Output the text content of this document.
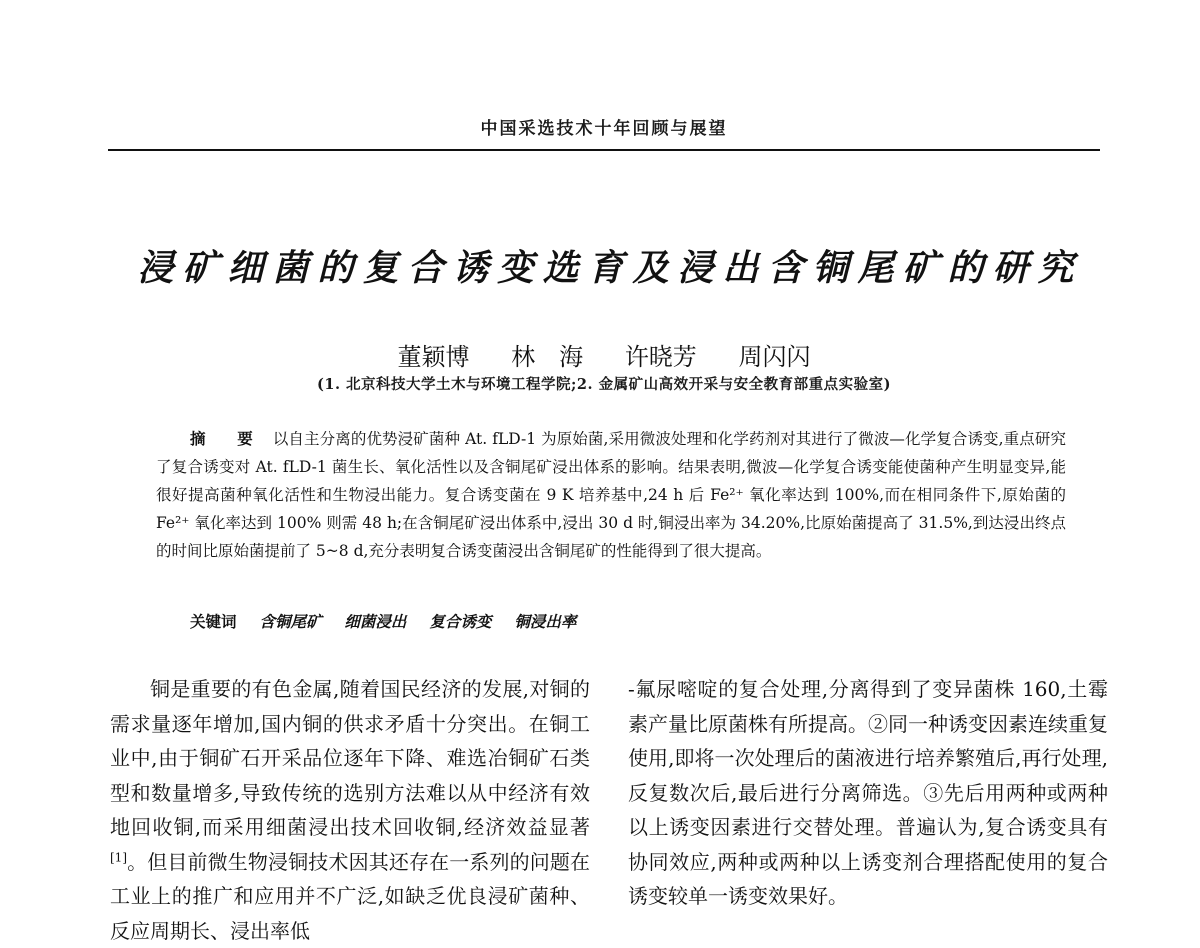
中国采选技术十年回顾与展望
浸矿细菌的复合诱变选育及浸出含铜尾矿的研究
董颖博 林　海 许晓芳 周闪闪
(1. 北京科技大学土木与环境工程学院;2. 金属矿山高效开采与安全教育部重点实验室)
摘　要 以自主分离的优势浸矿菌种 At. fLD-1 为原始菌,采用微波处理和化学药剂对其进行了微波—化学复合诱变,重点研究了复合诱变对 At. fLD-1 菌生长、氧化活性以及含铜尾矿浸出体系的影响。结果表明,微波—化学复合诱变能使菌种产生明显变异,能很好提高菌种氧化活性和生物浸出能力。复合诱变菌在 9 K 培养基中,24 h 后 Fe²⁺ 氧化率达到 100%,而在相同条件下,原始菌的 Fe²⁺ 氧化率达到 100% 则需 48 h;在含铜尾矿浸出体系中,浸出 30 d 时,铜浸出率为 34.20%,比原始菌提高了 31.5%,到达浸出终点的时间比原始菌提前了 5~8 d,充分表明复合诱变菌浸出含铜尾矿的性能得到了很大提高。
关键词 含铜尾矿 细菌浸出 复合诱变 铜浸出率
铜是重要的有色金属,随着国民经济的发展,对铜的需求量逐年增加,国内铜的供求矛盾十分突出。在铜工业中,由于铜矿石开采品位逐年下降、难选冶铜矿石类型和数量增多,导致传统的选别方法难以从中经济有效地回收铜,而采用细菌浸出技术回收铜,经济效益显著[1]。但目前微生物浸铜技术因其还存在一系列的问题在工业上的推广和应用并不广泛,如缺乏优良浸矿菌种、反应周期长、浸出率低
-氟尿嘧啶的复合处理,分离得到了变异菌株 160,土霉素产量比原菌株有所提高。②同一种诱变因素连续重复使用,即将一次处理后的菌液进行培养繁殖后,再行处理,反复数次后,最后进行分离筛选。③先后用两种或两种以上诱变因素进行交替处理。普遍认为,复合诱变具有协同效应,两种或两种以上诱变剂合理搭配使用的复合诱变较单一诱变效果好。
